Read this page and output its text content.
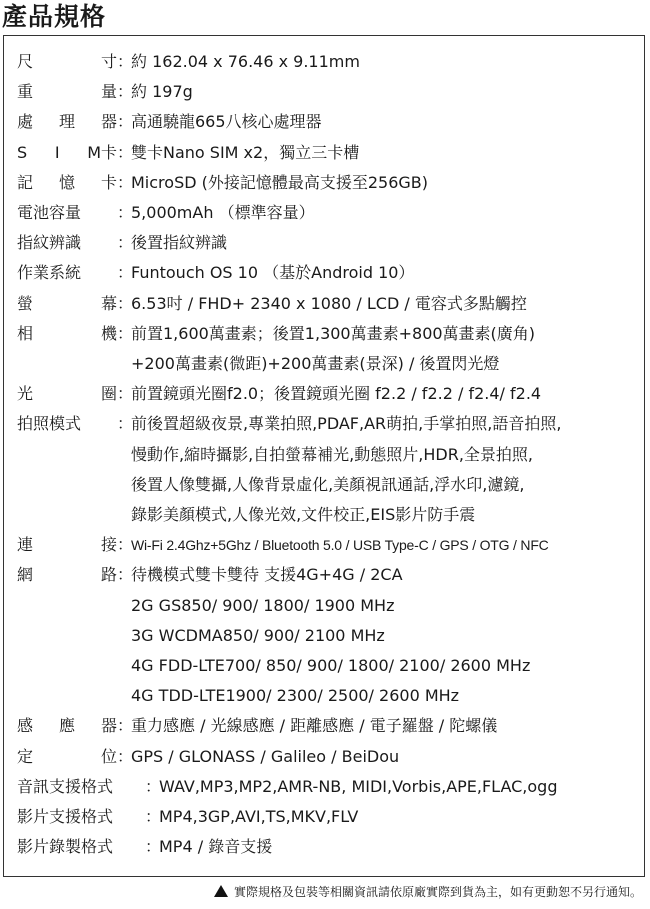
產品規格
尺	寸 ：
約 162.04 x 76.46 x 9.11mm
重	量 ：
約 197g
處 理 器 ：
高通驍龍665八核心處理器
S I M卡 ：
雙卡Nano SIM x2，獨立三卡槽
記 憶 卡 ：
MicroSD (外接記憶體最高支援至256GB)
電池容量 ：
5,000mAh （標準容量）
指紋辨識 ：
後置指紋辨識
作業系統 ：
Funtouch OS 10 （基於Android 10）
螢	幕 ：
6.53吋 / FHD+ 2340 x 1080 / LCD / 電容式多點觸控
相	機 ：
前置1,600萬畫素；後置1,300萬畫素+800萬畫素(廣角)
+200萬畫素(微距)+200萬畫素(景深) / 後置閃光燈
光	圈 ：
前置鏡頭光圈f2.0；後置鏡頭光圈 f2.2 / f2.2 / f2.4/ f2.4
拍照模式 ：
前後置超級夜景,專業拍照,PDAF,AR萌拍,手掌拍照,語音拍照,
慢動作,縮時攝影,自拍螢幕補光,動態照片,HDR,全景拍照,
後置人像雙攝,人像背景虛化,美顏視訊通話,浮水印,濾鏡,
錄影美顏模式,人像光效,文件校正,EIS影片防手震
連	接 ：
Wi-Fi 2.4Ghz+5Ghz / Bluetooth 5.0 / USB Type-C / GPS / OTG / NFC
網	路 ：
待機模式雙卡雙待 支援4G+4G / 2CA
2G GS850/ 900/ 1800/ 1900 MHz
3G WCDMA850/ 900/ 2100 MHz
4G FDD-LTE700/ 850/ 900/ 1800/ 2100/ 2600 MHz
4G TDD-LTE1900/ 2300/ 2500/ 2600 MHz
感 應 器 ：
重力感應 / 光線感應 / 距離感應 / 電子羅盤 / 陀螺儀
定	位 ：
GPS / GLONASS / Galileo / BeiDou
音訊支援格式 ：
WAV,MP3,MP2,AMR-NB, MIDI,Vorbis,APE,FLAC,ogg
影片支援格式 ：
MP4,3GP,AVI,TS,MKV,FLV
影片錄製格式 ：
MP4 / 錄音支援
實際規格及包裝等相關資訊請依原廠實際到貨為主，如有更動恕不另行通知。
